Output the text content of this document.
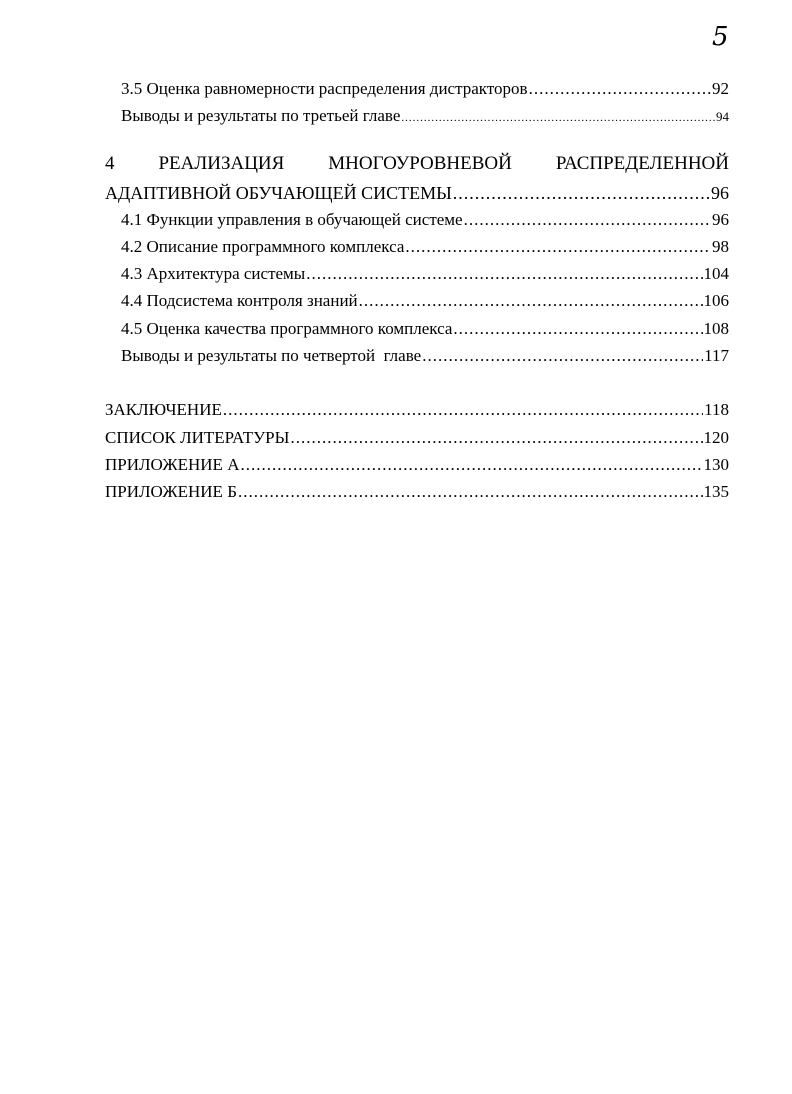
5
3.5 Оценка равномерности распределения дистракторов .....	92
Выводы и результаты по третьей главе .....	94
4 РЕАЛИЗАЦИЯ МНОГОУРОВНЕВОЙ РАСПРЕДЕЛЕННОЙ
АДАПТИВНОЙ ОБУЧАЮЩЕЙ СИСТЕМЫ .....	96
4.1 Функции управления в обучающей системе .....	96
4.2 Описание программного комплекса .....	98
4.3 Архитектура системы .....	104
4.4 Подсистема контроля знаний .....	106
4.5 Оценка качества программного комплекса .....	108
Выводы и результаты по четвертой  главе .....	117
ЗАКЛЮЧЕНИЕ .....	118
СПИСОК ЛИТЕРАТУРЫ .....	120
ПРИЛОЖЕНИЕ А .....	130
ПРИЛОЖЕНИЕ Б .....	135
